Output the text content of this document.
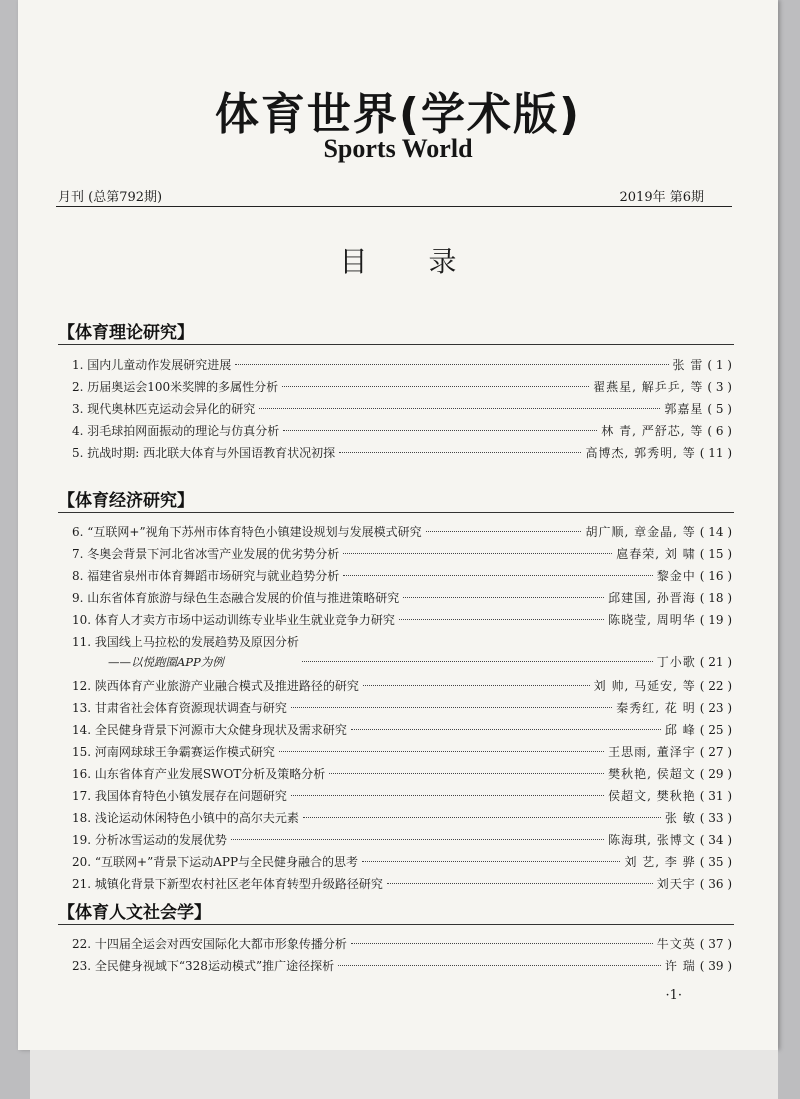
体育世界(学术版)
Sports World
月刊 (总第792期)	2019年 第6期
目 录
【体育理论研究】
1. 国内儿童动作发展研究进展	张 雷 ( 1 )
2. 历届奥运会100米奖牌的多属性分析	翟燕星, 解乒乒, 等 ( 3 )
3. 现代奥林匹克运动会异化的研究	郭嘉星 ( 5 )
4. 羽毛球拍网面振动的理论与仿真分析	林 青, 严舒芯, 等 ( 6 )
5. 抗战时期: 西北联大体育与外国语教育状况初探	高博杰, 郭秀明, 等 ( 11 )
【体育经济研究】
6. “互联网+”视角下苏州市体育特色小镇建设规划与发展模式研究	胡广顺, 章金晶, 等 ( 14 )
7. 冬奥会背景下河北省冰雪产业发展的优劣势分析	扈春荣, 刘 啸 ( 15 )
8. 福建省泉州市体育舞蹈市场研究与就业趋势分析	黎金中 ( 16 )
9. 山东省体育旅游与绿色生态融合发展的价值与推进策略研究	邱建国, 孙晋海 ( 18 )
10. 体育人才卖方市场中运动训练专业毕业生就业竞争力研究	陈晓莹, 周明华 ( 19 )
11. 我国线上马拉松的发展趋势及原因分析
——以悦跑圈APP为例	丁小歌 ( 21 )
12. 陕西体育产业旅游产业融合模式及推进路径的研究	刘 帅, 马延安, 等 ( 22 )
13. 甘肃省社会体育资源现状调查与研究	秦秀红, 花 明 ( 23 )
14. 全民健身背景下河源市大众健身现状及需求研究	邱 峰 ( 25 )
15. 河南网球球王争霸赛运作模式研究	王思雨, 董泽宇 ( 27 )
16. 山东省体育产业发展SWOT分析及策略分析	樊秋艳, 侯超文 ( 29 )
17. 我国体育特色小镇发展存在问题研究	侯超文, 樊秋艳 ( 31 )
18. 浅论运动休闲特色小镇中的高尔夫元素	张 敏 ( 33 )
19. 分析冰雪运动的发展优势	陈海琪, 张博文 ( 34 )
20. “互联网+”背景下运动APP与全民健身融合的思考	刘 艺, 李 骅 ( 35 )
21. 城镇化背景下新型农村社区老年体育转型升级路径研究	刘天宇 ( 36 )
【体育人文社会学】
22. 十四届全运会对西安国际化大都市形象传播分析	牛文英 ( 37 )
23. 全民健身视域下“328运动模式”推广途径探析	许 瑞 ( 39 )
·1·
